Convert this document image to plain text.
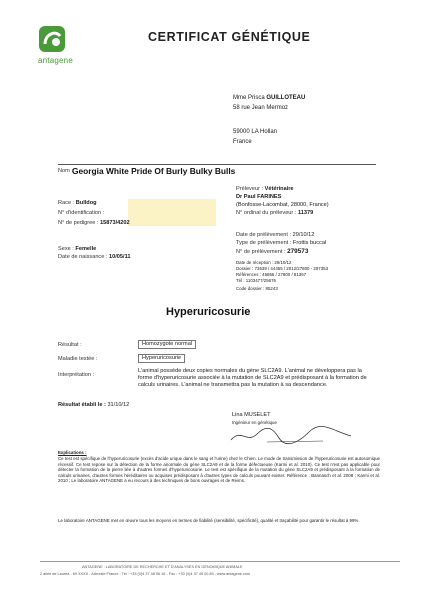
antagene
CERTIFICAT GÉNÉTIQUE
Mme Prisca GUILLOTEAU
58 rue Jean Mermoz
59000 LA Hollan
France
Nom : Georgia White Pride Of Burly Bulky Bulls
Race : Bulldog
N° d'identification :
N° de pedigree : 15873/4202
Sexe : Femelle
Date de naissance : 10/05/11
Préleveur : Vétérinaire
Dr Paul FARINES
(Bonfosse-Lacombat, 28000, France)
N° ordinal du préleveur : 11379
Date de prélèvement : 29/10/12
Type de prélèvement : Frottis buccal
N° de prélèvement : 279573
Date de réception : 29/10/12
Dossier : 73639 / 44455 / 2012/27800 - 297353
Références : 45866 / 27800 / 81367
Tél : 1103477/25676
Code dossier : 85243
Hyperuricosurie
Résultat :	Homozygote normal
Maladie testée :	Hyperuricosurie
Interprétation :
L'animal possède deux copies normales du gène SLC2A9. L'animal ne développera pas la forme d'hyperuricosurie associée à la mutation de SLC2A9 et prédisposant à la formation de calculs urinaires. L'animal ne transmettra pas la mutation à sa descendance.
Résultat établi le : 31/10/12
Lina MUSELET
Ingénieur en génétique
Explications :
Ce test est spécifique de l'hyperuricosurie (excès d'acide urique dans le sang et l'urine) chez le Chien. Le mode de transmission de l'hyperuricosurie est autosomique récessif. Ce test repose sur la détection de la forme anormale du gène SLC2A9 et de la forme défectueuse (Karmi et al. 2010). Ce test n'est pas applicable pour détecter la formation de la pierre liée à d'autres formes d'hyperuricosurie. Le test est spécifique de la mutation du gène SLC2A9 et prédisposant à la formation de calculs urinaires, d'autres formes héréditaires ou acquises prédisposant à d'autres types de calculs pouvant exister. Référence : Bannasch et al. 2008 ; Karmi et al. 2010 ; Le laboratoire ANTAGENE a eu recours à des techniques de bons ouvrages et de Reims.
Le laboratoire ANTAGENE met en œuvre tous les moyens en termes de fiabilité (sensibilité, spécificité), qualité et traçabilité pour garantir le résultat à 99%.
ANTAGENE : LABORATOIRE DE RECHERCHE ET D'ANALYSES EN GÉNOMIQUE ANIMALE
2 allée de Lauréa - 69 XXXX - Arbresle France - Tél : +33 (0)4 37 48 06 16 - Fax : +33 (0)4 37 49 00 89 - www.antagene.com
